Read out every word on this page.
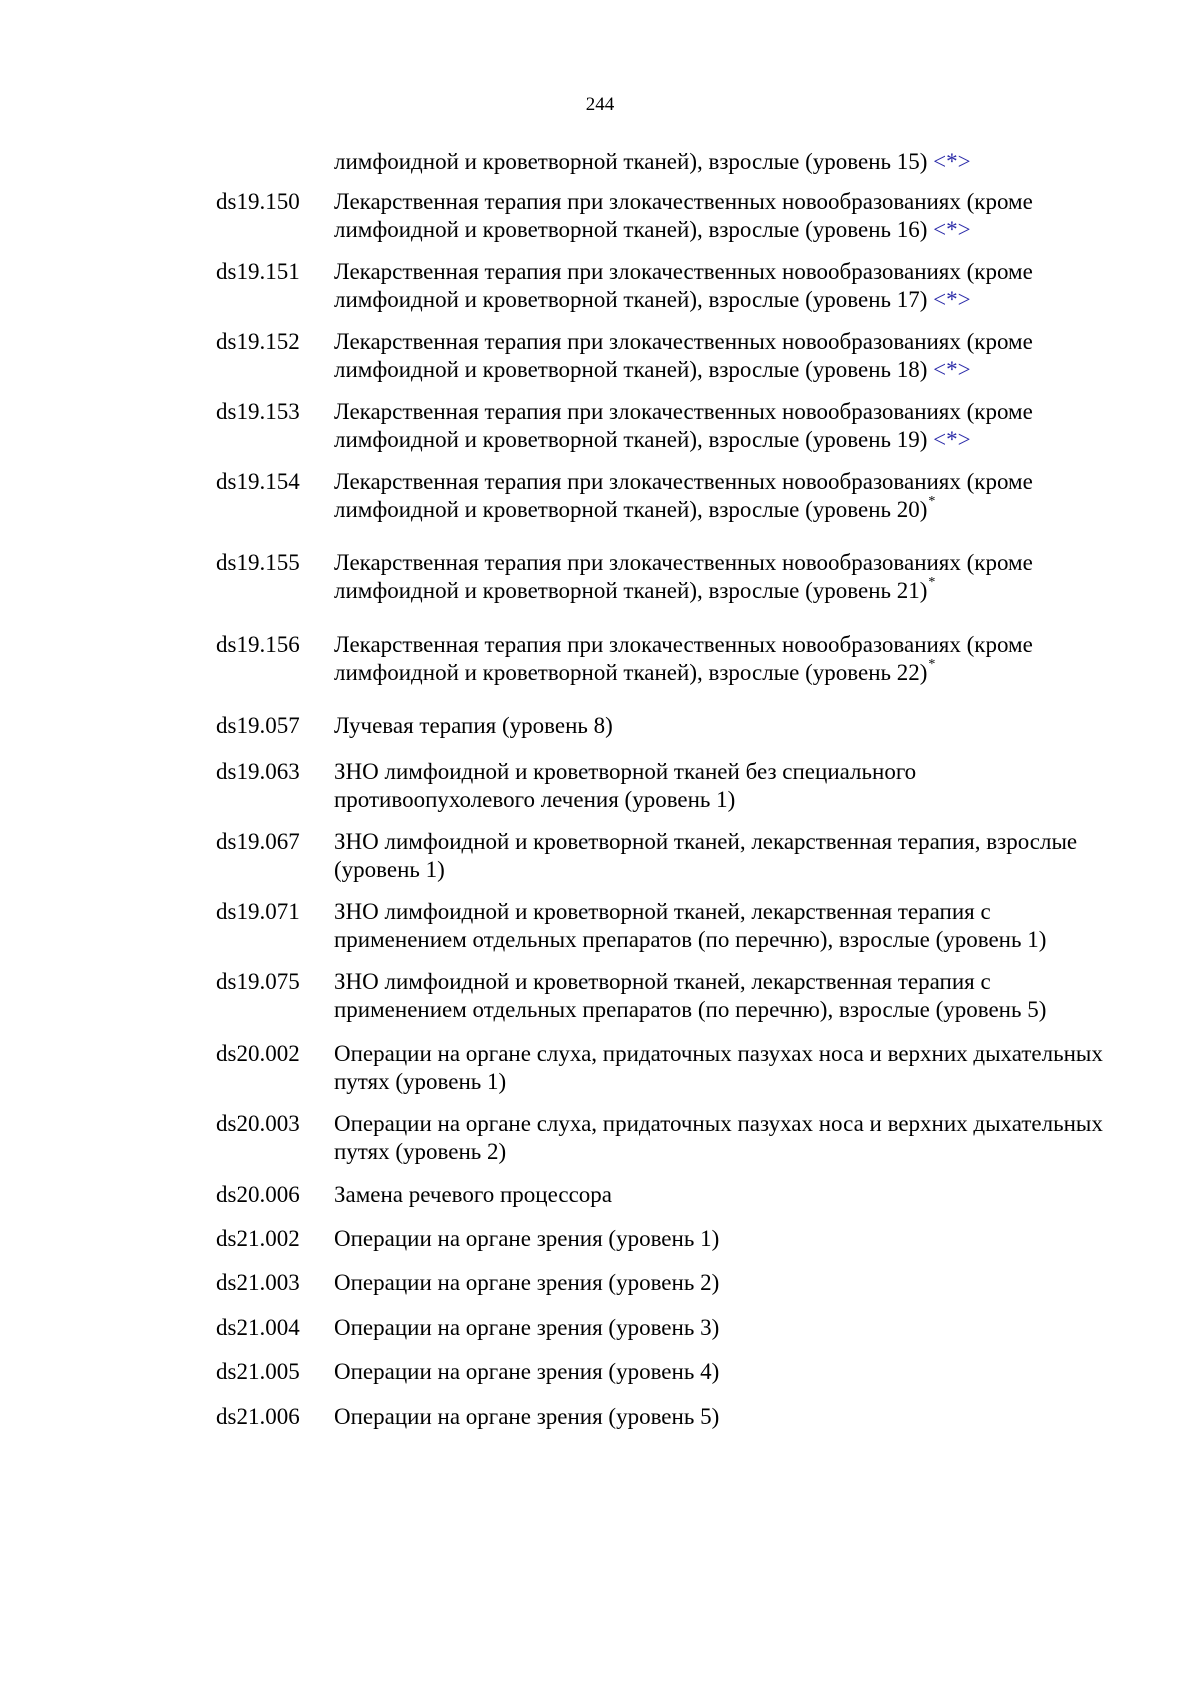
244
лимфоидной и кроветворной тканей), взрослые (уровень 15) <*>
ds19.150	Лекарственная терапия при злокачественных новообразованиях (кроме лимфоидной и кроветворной тканей), взрослые (уровень 16) <*>
ds19.151	Лекарственная терапия при злокачественных новообразованиях (кроме лимфоидной и кроветворной тканей), взрослые (уровень 17) <*>
ds19.152	Лекарственная терапия при злокачественных новообразованиях (кроме лимфоидной и кроветворной тканей), взрослые (уровень 18) <*>
ds19.153	Лекарственная терапия при злокачественных новообразованиях (кроме лимфоидной и кроветворной тканей), взрослые (уровень 19) <*>
ds19.154	Лекарственная терапия при злокачественных новообразованиях (кроме лимфоидной и кроветворной тканей), взрослые (уровень 20)*
ds19.155	Лекарственная терапия при злокачественных новообразованиях (кроме лимфоидной и кроветворной тканей), взрослые (уровень 21)*
ds19.156	Лекарственная терапия при злокачественных новообразованиях (кроме лимфоидной и кроветворной тканей), взрослые (уровень 22)*
ds19.057	Лучевая терапия (уровень 8)
ds19.063	ЗНО лимфоидной и кроветворной тканей без специального противоопухолевого лечения (уровень 1)
ds19.067	ЗНО лимфоидной и кроветворной тканей, лекарственная терапия, взрослые (уровень 1)
ds19.071	ЗНО лимфоидной и кроветворной тканей, лекарственная терапия с применением отдельных препаратов (по перечню), взрослые (уровень 1)
ds19.075	ЗНО лимфоидной и кроветворной тканей, лекарственная терапия с применением отдельных препаратов (по перечню), взрослые (уровень 5)
ds20.002	Операции на органе слуха, придаточных пазухах носа и верхних дыхательных путях (уровень 1)
ds20.003	Операции на органе слуха, придаточных пазухах носа и верхних дыхательных путях (уровень 2)
ds20.006	Замена речевого процессора
ds21.002	Операции на органе зрения (уровень 1)
ds21.003	Операции на органе зрения (уровень 2)
ds21.004	Операции на органе зрения (уровень 3)
ds21.005	Операции на органе зрения (уровень 4)
ds21.006	Операции на органе зрения (уровень 5)
